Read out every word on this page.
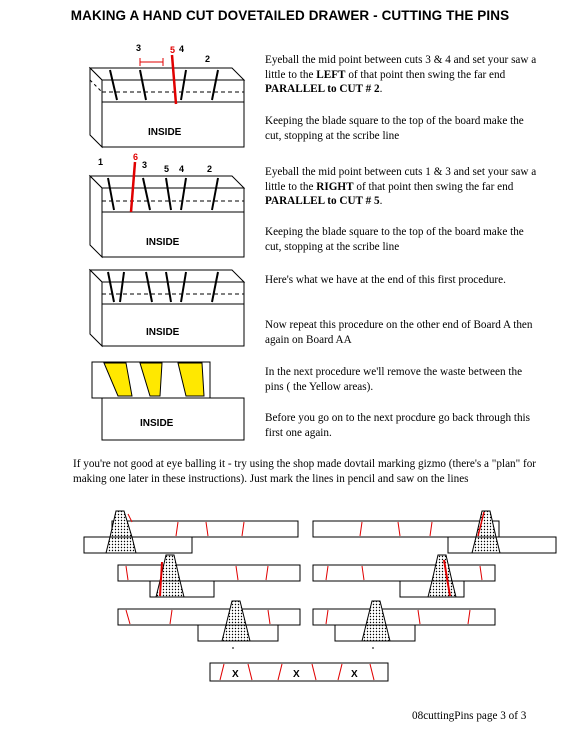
MAKING A HAND CUT DOVETAILED DRAWER - CUTTING THE PINS
3	5 4
2
INSIDE
1	6
3 5 4	2
INSIDE
INSIDE
INSIDE
X	X	X
Eyeball the mid point between cuts 3 & 4 and set your saw a little to the LEFT of that point then swing the far end PARALLEL to CUT # 2.
Keeping the blade square to the top of the board make the cut, stopping at the scribe line
Eyeball the mid point between cuts 1 & 3 and set your saw a little to the RIGHT of that point then swing the far end PARALLEL to CUT # 5.
Keeping the blade square to the top of the board make the cut, stopping at the scribe line
Here's what we have at the end of this first procedure.
Now repeat this procedure on the other end of Board A then again on Board AA
In the next procedure we'll remove the waste between the pins ( the Yellow areas).
Before you go on to the next procdure go back through this first one again.
If you're not good at eye balling it - try using the shop made dovtail marking gizmo (there's a "plan" for making one later in these instructions). Just mark the lines in pencil and saw on the lines
08cuttingPins page 3 of 3
